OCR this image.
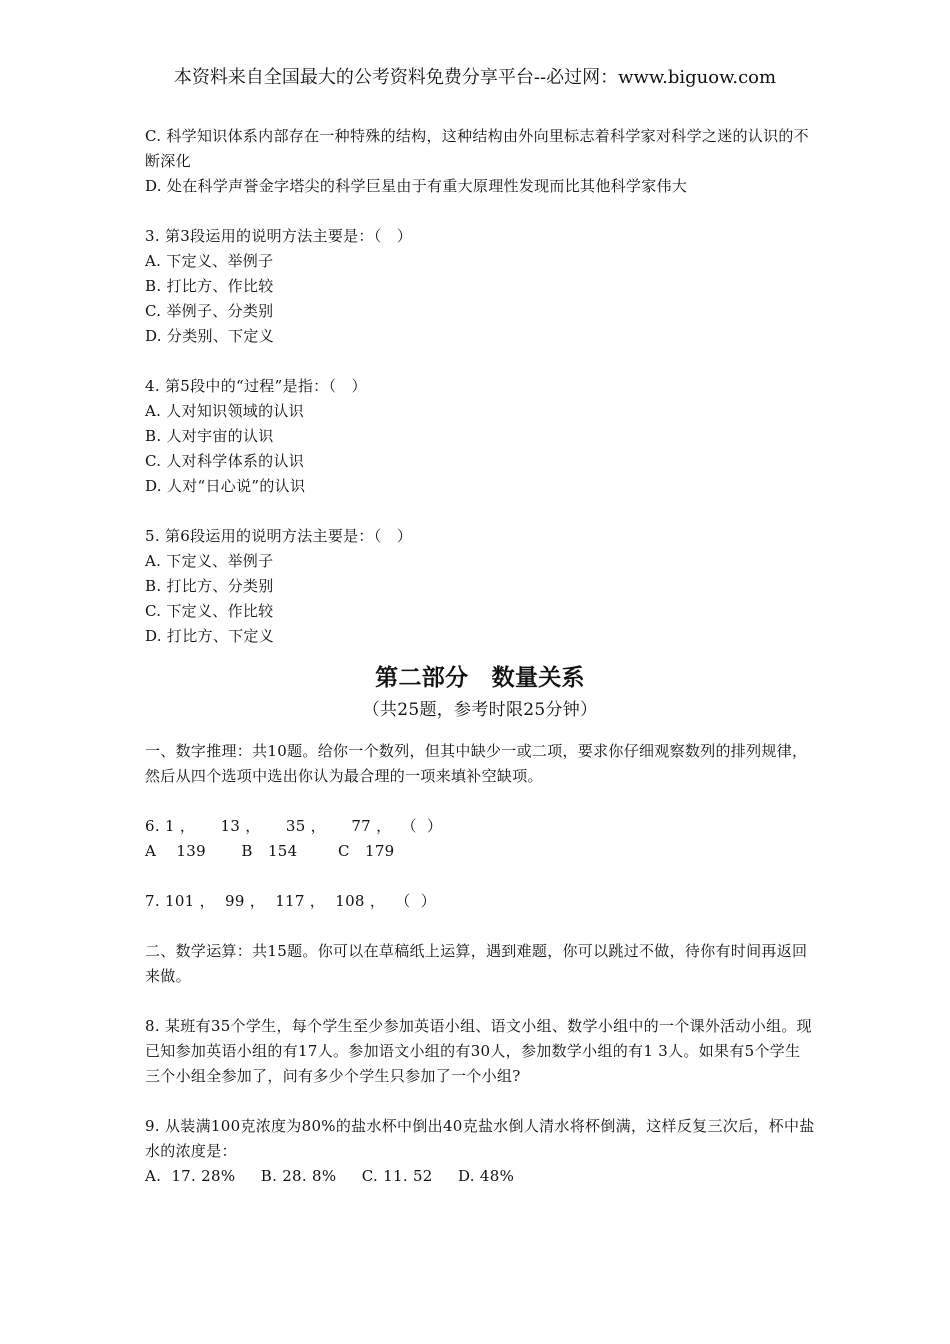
本资料来自全国最大的公考资料免费分享平台--必过网：www.biguow.com
C. 科学知识体系内部存在一种特殊的结构，这种结构由外向里标志着科学家对科学之迷的认识的不断深化
D. 处在科学声誉金字塔尖的科学巨星由于有重大原理性发现而比其他科学家伟大
3. 第3段运用的说明方法主要是：（　）
A. 下定义、举例子
B. 打比方、作比较
C. 举例子、分类别
D. 分类别、下定义
4. 第5段中的“过程”是指：（　）
A. 人对知识领域的认识
B. 人对宇宙的认识
C. 人对科学体系的认识
D. 人对“日心说”的认识
5. 第6段运用的说明方法主要是：（　）
A. 下定义、举例子
B. 打比方、分类别
C. 下定义、作比较
D. 打比方、下定义
第二部分　数量关系
（共25题，参考时限25分钟）
一、数字推理：共10题。给你一个数列，但其中缺少一或二项，要求你仔细观察数列的排列规律，然后从四个选项中选出你认为最合理的一项来填补空缺项。
6. 1 ，     13 ，     35 ，     77 ，  （  ）
A    139       B   154        C   179
7. 101 ，  99 ，  117 ，  108 ，  （  ）
二、数学运算：共15题。你可以在草稿纸上运算，遇到难题，你可以跳过不做，待你有时间再返回来做。
8. 某班有35个学生，每个学生至少参加英语小组、语文小组、数学小组中的一个课外活动小组。现已知参加英语小组的有17人。参加语文小组的有30人，参加数学小组的有1 3人。如果有5个学生三个小组全参加了，问有多少个学生只参加了一个小组?
9. 从装满100克浓度为80%的盐水杯中倒出40克盐水倒人清水将杯倒满，这样反复三次后，杯中盐水的浓度是：
A.  17. 28%     B. 28. 8%     C. 11. 52     D. 48%
